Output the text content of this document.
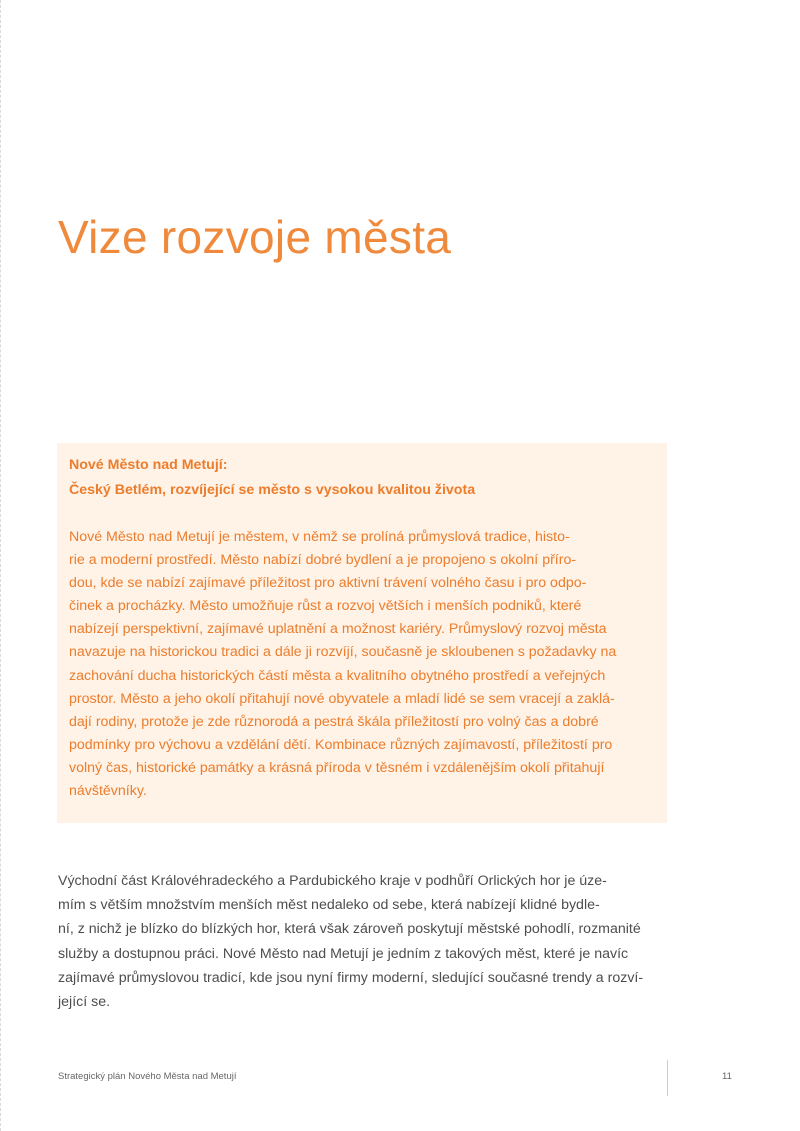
Vize rozvoje města

Nové Město nad Metují:
Český Betlém, rozvíjející se město s vysokou kvalitou života

Nové Město nad Metují je městem, v němž se prolíná průmyslová tradice, histo-
rie a moderní prostředí. Město nabízí dobré bydlení a je propojeno s okolní příro-
dou, kde se nabízí zajímavé příležitost pro aktivní trávení volného času i pro odpo-
činek a procházky. Město umožňuje růst a rozvoj větších i menších podniků, které
nabízejí perspektivní, zajímavé uplatnění a možnost kariéry. Průmyslový rozvoj města
navazuje na historickou tradici a dále ji rozvíjí, současně je skloubenen s požadavky na
zachování ducha historických částí města a kvalitního obytného prostředí a veřejných
prostor. Město a jeho okolí přitahují nové obyvatele a mladí lidé se sem vracejí a zaklá-
dají rodiny, protože je zde různorodá a pestrá škála příležitostí pro volný čas a dobré
podmínky pro výchovu a vzdělání dětí. Kombinace různých zajímavostí, příležitostí pro
volný čas, historické památky a krásná příroda v těsném i vzdálenějším okolí přitahují
návštěvníky.
Východní část Královéhradeckého a Pardubického kraje v podhůří Orlických hor je úze-
mím s větším množstvím menších měst nedaleko od sebe, která nabízejí klidné bydle-
ní, z nichž je blízko do blízkých hor, která však zároveň poskytují městské pohodlí, rozmanité
služby a dostupnou práci. Nové Město nad Metují je jedním z takových měst, které je navíc
zajímavé průmyslovou tradicí, kde jsou nyní firmy moderní, sledující současné trendy a rozví-
jející se.
Strategický plán Nového Města nad Metují	11
